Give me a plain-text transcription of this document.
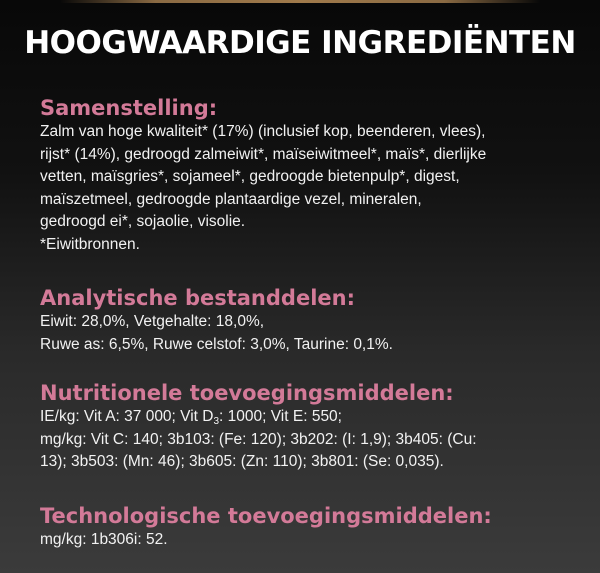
HOOGWAARDIGE INGREDIËNTEN
Samenstelling:
Zalm van hoge kwaliteit* (17%) (inclusief kop, beenderen, vlees),
rijst* (14%), gedroogd zalmeiwit*, maïseiwitmeel*, maïs*, dierlijke
vetten, maïsgries*, sojameel*, gedroogde bietenpulp*, digest,
maïszetmeel, gedroogde plantaardige vezel, mineralen,
gedroogd ei*, sojaolie, visolie.
*Eiwitbronnen.
Analytische bestanddelen:
Eiwit: 28,0%, Vetgehalte: 18,0%,
Ruwe as: 6,5%, Ruwe celstof: 3,0%, Taurine: 0,1%.
Nutritionele toevoegingsmiddelen:
IE/kg: Vit A: 37 000; Vit $D_3$: 1000; Vit E: 550;
mg/kg: Vit C: 140; 3b103: (Fe: 120); 3b202: (I: 1,9); 3b405: (Cu:
13); 3b503: (Mn: 46); 3b605: (Zn: 110); 3b801: (Se: 0,035).
Technologische toevoegingsmiddelen:
mg/kg: 1b306i: 52.
